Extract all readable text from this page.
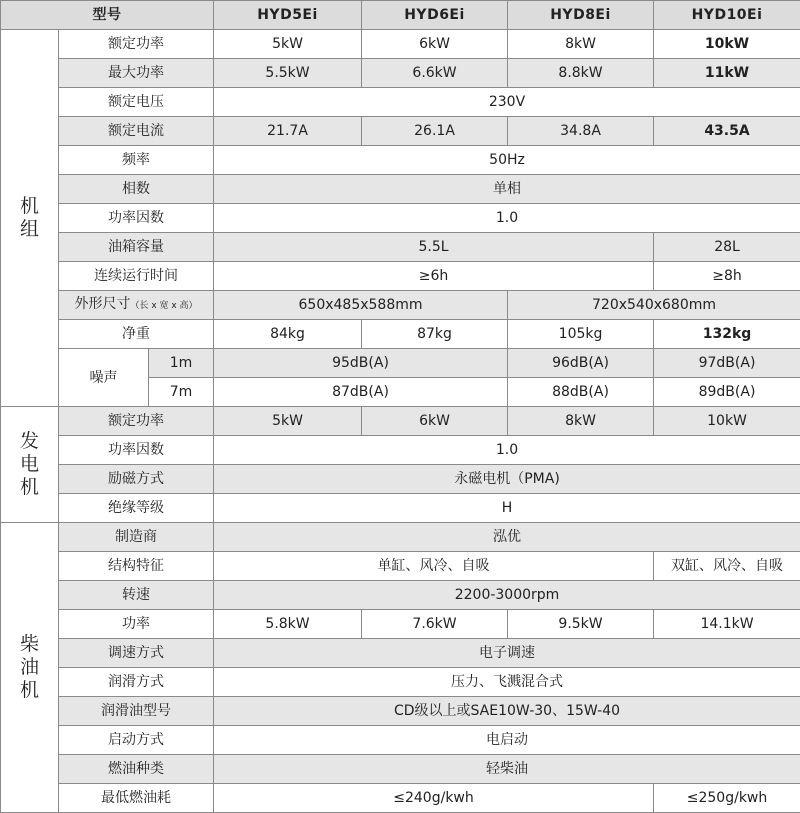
型号			HYD5Ei	HYD6Ei	HYD8Ei	HYD10Ei

机
组	额定功率		5kW	6kW	8kW	10kW
	最大功率		5.5kW	6.6kW	8.8kW	11kW
	额定电压		230V			
	额定电流		21.7A	26.1A	34.8A	43.5A
	频率		50Hz			
	相数		单相			
	功率因数		1.0			
	油箱容量		5.5L			28L
	连续运行时间		≥6h			≥8h
	外形尺寸（长 x 宽 x 高）		650x485x588mm		720x540x680mm	
	净重		84kg	87kg	105kg	132kg
	噪声	1m	95dB(A)		96dB(A)	97dB(A)
		7m	87dB(A)		88dB(A)	89dB(A)

发
电
机	额定功率		5kW	6kW	8kW	10kW
	功率因数		1.0			
	励磁方式		永磁电机（PMA)			
	绝缘等级		H			

柴
油
机	制造商		泓优			
	结构特征		单缸、风冷、自吸			双缸、风冷、自吸
	转速		2200-3000rpm			
	功率		5.8kW	7.6kW	9.5kW	14.1kW
	调速方式		电子调速			
	润滑方式		压力、飞溅混合式			
	润滑油型号		CD级以上或SAE10W-30、15W-40			
	启动方式		电启动			
	燃油种类		轻柴油			
	最低燃油耗		≤240g/kwh			≤250g/kwh
